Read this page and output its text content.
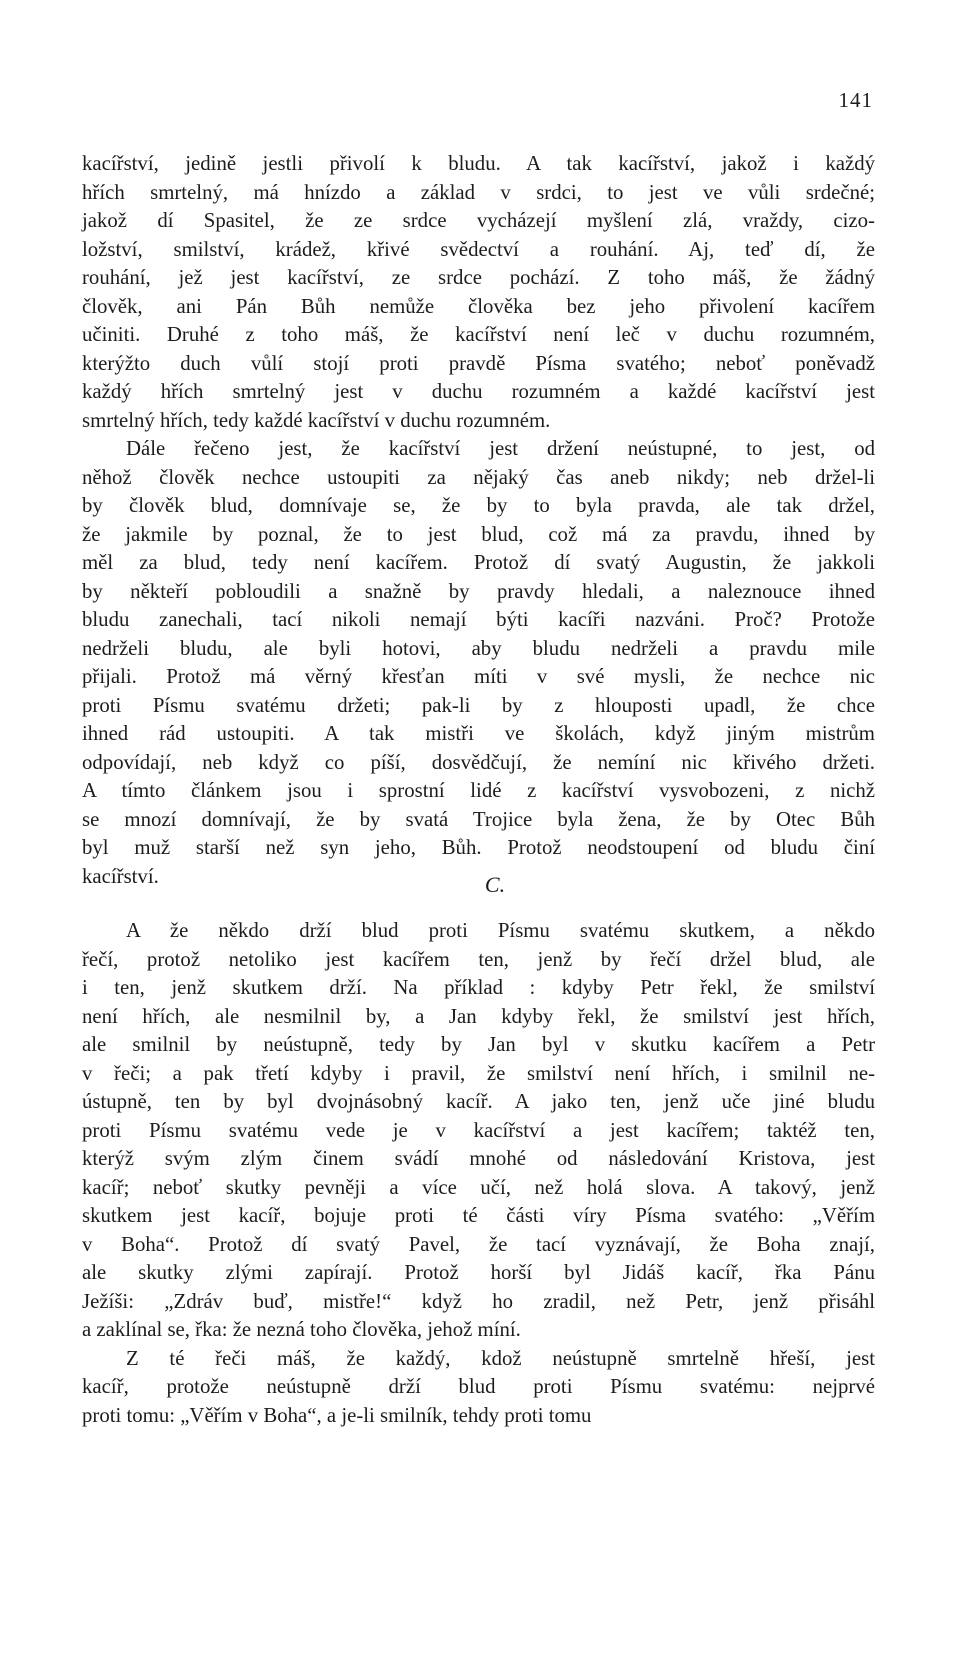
141
kacířství, jedině jestli přivolí k bludu. A tak kacířství, jakož i každý
hřích smrtelný, má hnízdo a základ v srdci, to jest ve vůli srdečné;
jakož dí Spasitel, že ze srdce vycházejí myšlení zlá, vraždy, cizo-
ložství, smilství, krádež, křivé svědectví a rouhání. Aj, teď dí, že
rouhání, jež jest kacířství, ze srdce pochází. Z toho máš, že žádný
člověk, ani Pán Bůh nemůže člověka bez jeho přivolení kacířem
učiniti. Druhé z toho máš, že kacířství není leč v duchu rozumném,
kterýžto duch vůlí stojí proti pravdě Písma svatého; neboť poněvadž
každý hřích smrtelný jest v duchu rozumném a každé kacířství jest
smrtelný hřích, tedy každé kacířství v duchu rozumném.
Dále řečeno jest, že kacířství jest držení neústupné, to jest, od
něhož člověk nechce ustoupiti za nějaký čas aneb nikdy; neb držel-li
by člověk blud, domnívaje se, že by to byla pravda, ale tak držel,
že jakmile by poznal, že to jest blud, což má za pravdu, ihned by
měl za blud, tedy není kacířem. Protož dí svatý Augustin, že jakkoli
by někteří pobloudili a snažně by pravdy hledali, a nalezn​ouce ihned
bludu zanechali, tací nikoli nemají býti kacíři nazváni. Proč? Protože
nedrželi bludu, ale byli hotovi, aby bludu nedrželi a pravdu mile
přijali. Protož má věrný křesťan míti v své mysli, že nechce nic
proti Písmu svatému držeti; pak-li by z hlouposti upadl, že chce
ihned rád ustoupiti. A tak mistři ve školách, když jiným mistrům
odpovídají, neb když co píší, dosvědčují, že nemíní nic křivého držeti.
A tímto článkem jsou i sprostní lidé z kacířství vysvobozeni, z nichž
se mnozí domnívají, že by svatá Trojice byla žena, že by Otec Bůh
byl muž starší než syn jeho, Bůh. Protož neodstoupení od bludu činí
kacířství.	C.
A že někdo drží blud proti Písmu svatému skutkem, a někdo
řečí, protož netoliko jest kacířem ten, jenž by řečí držel blud, ale
i ten, jenž skutkem drží. Na příklad : kdyby Petr řekl, že smilství
není hřích, ale nesmilnil by, a Jan kdyby řekl, že smilství jest hřích,
ale smilnil by neústupně, tedy by Jan byl v skutku kacířem a Petr
v řeči; a pak třetí kdyby i pravil, že smilství není hřích, i smilnil ne-
ústupně, ten by byl dvojnásobný kacíř. A jako ten, jenž uče jiné bludu
proti Písmu svatému vede je v kacířství a jest kacířem; taktéž ten,
kterýž svým zlým činem svádí mnohé od následování Kristova, jest
kacíř; neboť skutky pevněji a více učí, než holá slova. A takový, jenž
skutkem jest kacíř, bojuje proti té části víry Písma svatého: „Věřím
v Boha“. Protož dí svatý Pavel, že tací vyznávají, že Boha znají,
ale skutky zlými zapírají. Protož horší byl Jidáš kacíř, řka Pánu
Ježíši: „Zdráv buď, mistře!“ když ho zradil, než Petr, jenž přisáhl
a zaklínal se, řka: že nezná toho člověka, jehož míní.
Z té řeči máš, že každý, kdož neústupně smrtelně hřeší, jest
kacíř, protože neústupně drží blud proti Písmu svatému: nejprvé
proti tomu: „Věřím v Boha“, a je-li smilník, tehdy proti tomu
